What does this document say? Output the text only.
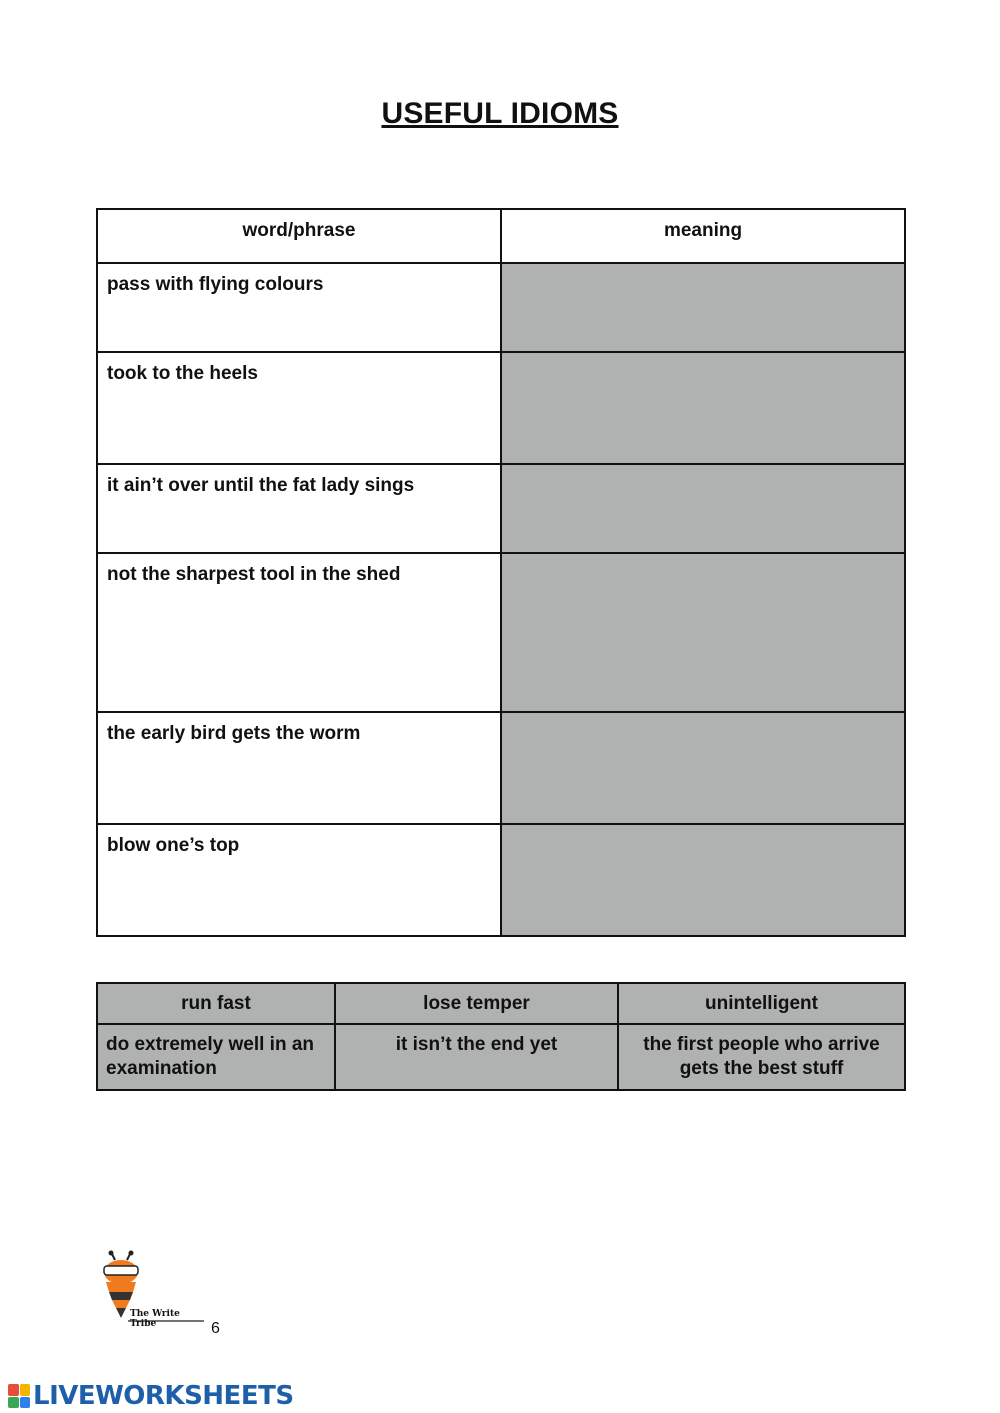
USEFUL IDIOMS
word/phrase	meaning
pass with flying colours	
took to the heels	
it ain’t over until the fat lady sings	
not the sharpest tool in the shed	
the early bird gets the worm	
blow one’s top	
run fast	lose temper	unintelligent
do extremely well in an examination	it isn’t the end yet	the first people who arrive gets the best stuff
The Write Tribe	6
LIVEWORKSHEETS
